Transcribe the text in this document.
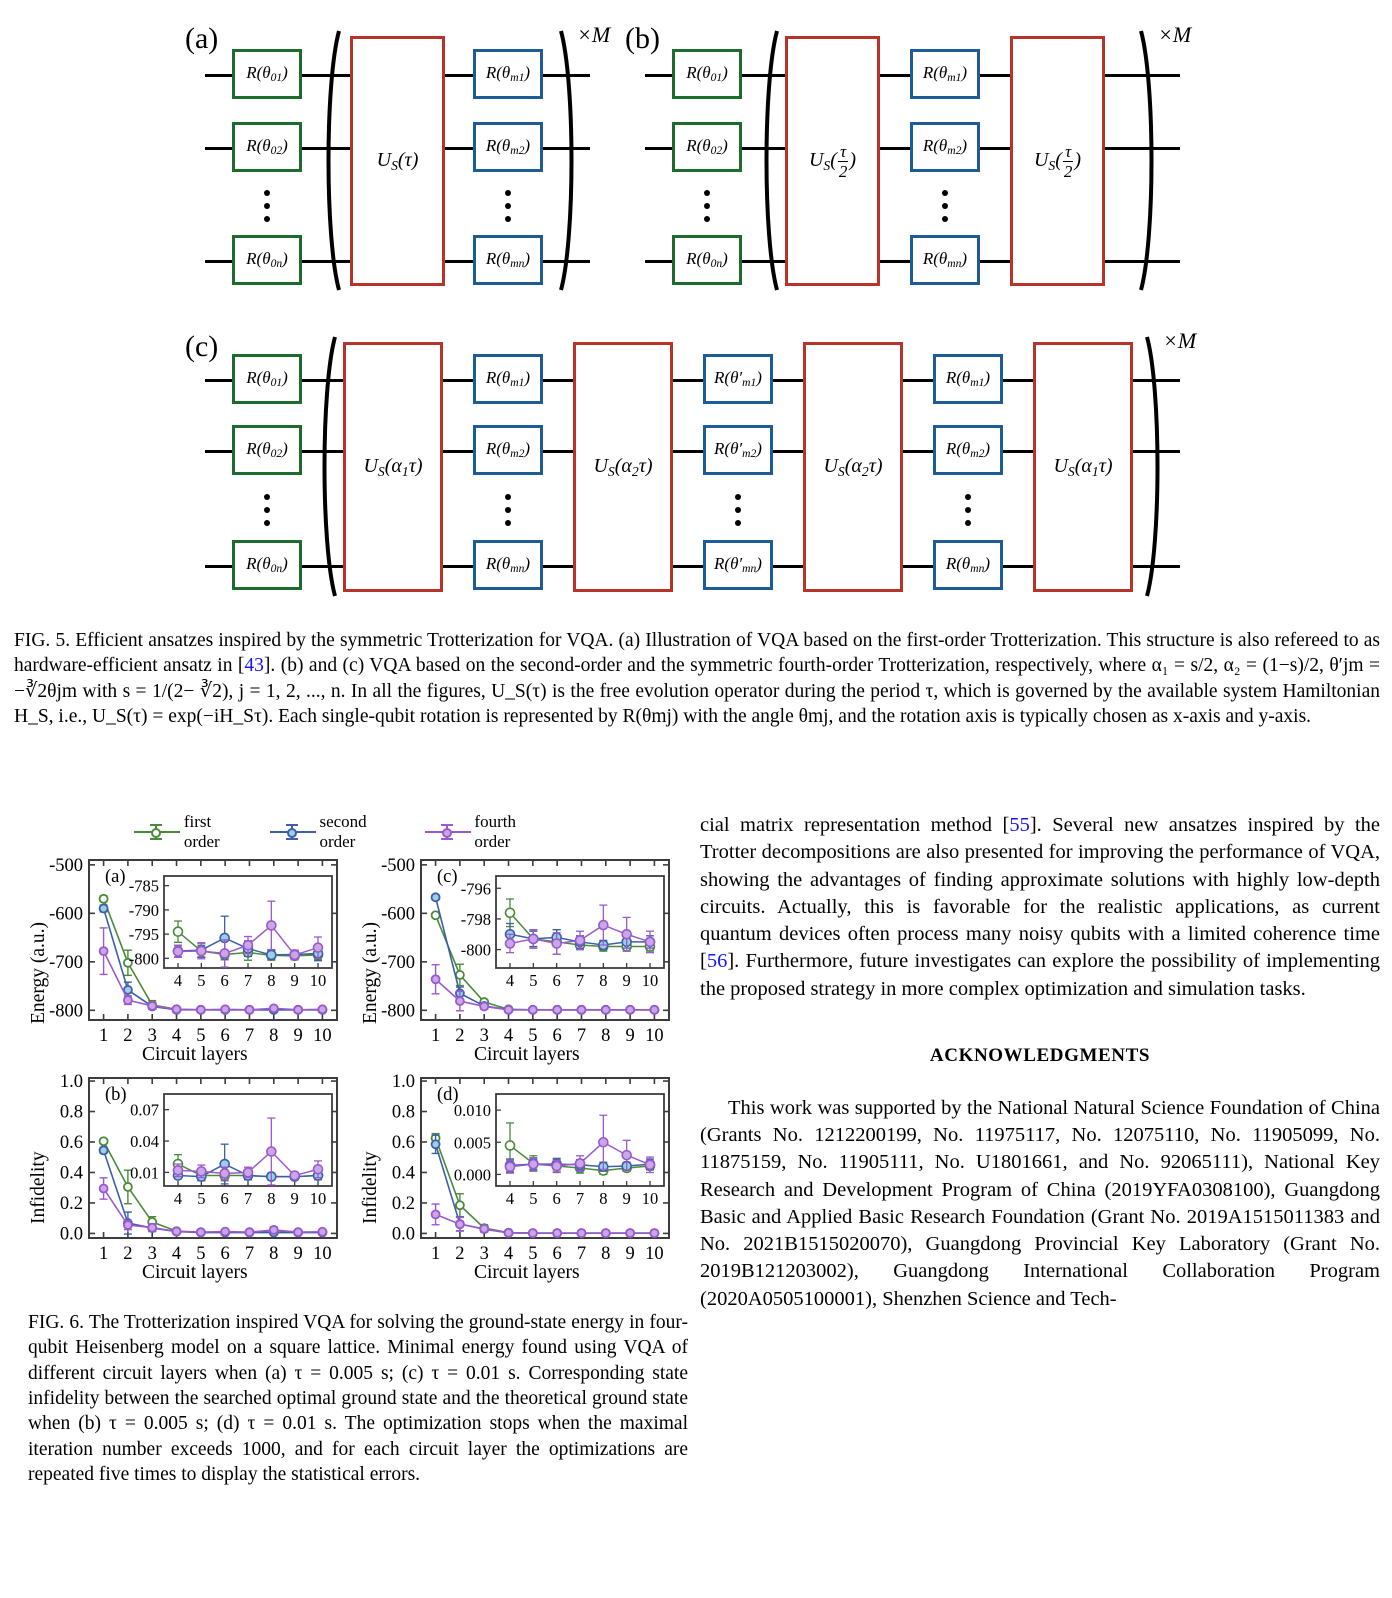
(a)
$R(\theta_{01})$
$R(\theta_{02})$
$R(\theta_{0n})$
$U_S(\tau)$
$R(\theta_{m1})$
$R(\theta_{m2})$
$R(\theta_{mn})$
×M (b)
$R(\theta_{01})$
$R(\theta_{02})$
$R(\theta_{0n})$
$U_S( \frac{\tau}{2}$ )
$R(\theta_{m1})$
$R(\theta_{m2})$
$R(\theta_{mn})$
$U_S( \frac{\tau}{2}$ )
×M
(c)
$R(\theta_{01})$
$R(\theta_{02})$
$R(\theta_{0n})$
$U_S(\alpha_1\tau)$
$R(\theta_{m1})$
$R(\theta_{m2})$
$R(\theta_{mn})$
$U_S(\alpha_2\tau)$
$R(\theta'_{m1})$
$R(\theta'_{m2})$
$R(\theta'_{mn})$
$U_S(\alpha_2\tau)$
$R(\theta_{m1})$
$R(\theta_{m2})$
$R(\theta_{mn})$
$U_S(\alpha_1\tau)$
×M
FIG. 5. Efficient ansatzes inspired by the symmetric Trotterization for VQA. (a) Illustration of VQA based on the first-order Trotterization. This structure is also refereed to as hardware-efficient ansatz in [43]. (b) and (c) VQA based on the second-order and the symmetric fourth-order Trotterization, respectively, where α₁ = s/2, α₂ = (1−s)/2, θ′jm = −∛2θjm with s = 1/(2− ∛2), j = 1, 2, ..., n. In all the figures, U_S(τ) is the free evolution operator during the period τ, which is governed by the available system Hamiltonian H_S, i.e., U_S(τ) = exp(−iH_Sτ). Each single-qubit rotation is represented by R(θmj) with the angle θmj, and the rotation axis is typically chosen as x-axis and y-axis.
first order
second order
fourth order
Energy (a.u.)
-500
-600
-700
-800
1 2 3 4 5 6 7 8 9 10
(a) -785
-790
-795
-800
4 5 6 7 8 9 10
Circuit layers
Energy (a.u.)
-500
-600
-700
-800
1 2 3 4 5 6 7 8 9 10
(c)
-796
-798
-800
4 5 6 7 8 9 10
Circuit layers
Infidelity
1.0
0.8
0.6
0.4
0.2
0.0
1 2 3 4 5 6 7 8 9 10
(b)
0.07
0.04
0.01
4 5 6 7 8 9 10
Circuit layers
Infidelity
1.0
0.8
0.6
0.4
0.2
0.0
1 2 3 4 5 6 7 8 9 10
(d)
0.010
0.005
0.000
4 5 6 7 8 9 10
Circuit layers
FIG. 6. The Trotterization inspired VQA for solving the ground-state energy in four-qubit Heisenberg model on a square lattice. Minimal energy found using VQA of different circuit layers when (a) τ = 0.005 s; (c) τ = 0.01 s. Corresponding state infidelity between the searched optimal ground state and the theoretical ground state when (b) τ = 0.005 s; (d) τ = 0.01 s. The optimization stops when the maximal iteration number exceeds 1000, and for each circuit layer the optimizations are repeated five times to display the statistical errors.

cial matrix representation method [55]. Several new ansatzes inspired by the Trotter decompositions are also presented for improving the performance of VQA, showing the advantages of finding approximate solutions with highly low-depth circuits. Actually, this is favorable for the realistic applications, as current quantum devices often process many noisy qubits with a limited coherence time [56]. Furthermore, future investigates can explore the possibility of implementing the proposed strategy in more complex optimization and simulation tasks.

ACKNOWLEDGMENTS

This work was supported by the National Natural Science Foundation of China (Grants No. 1212200199, No. 11975117, No. 12075110, No. 11905099, No. 11875159, No. 11905111, No. U1801661, and No. 92065111), National Key Research and Development Program of China (2019YFA0308100), Guangdong Basic and Applied Basic Research Foundation (Grant No. 2019A1515011383 and No. 2021B1515020070), Guangdong Provincial Key Laboratory (Grant No. 2019B121203002), Guangdong International Collaboration Program (2020A0505100001), Shenzhen Science and Tech-
